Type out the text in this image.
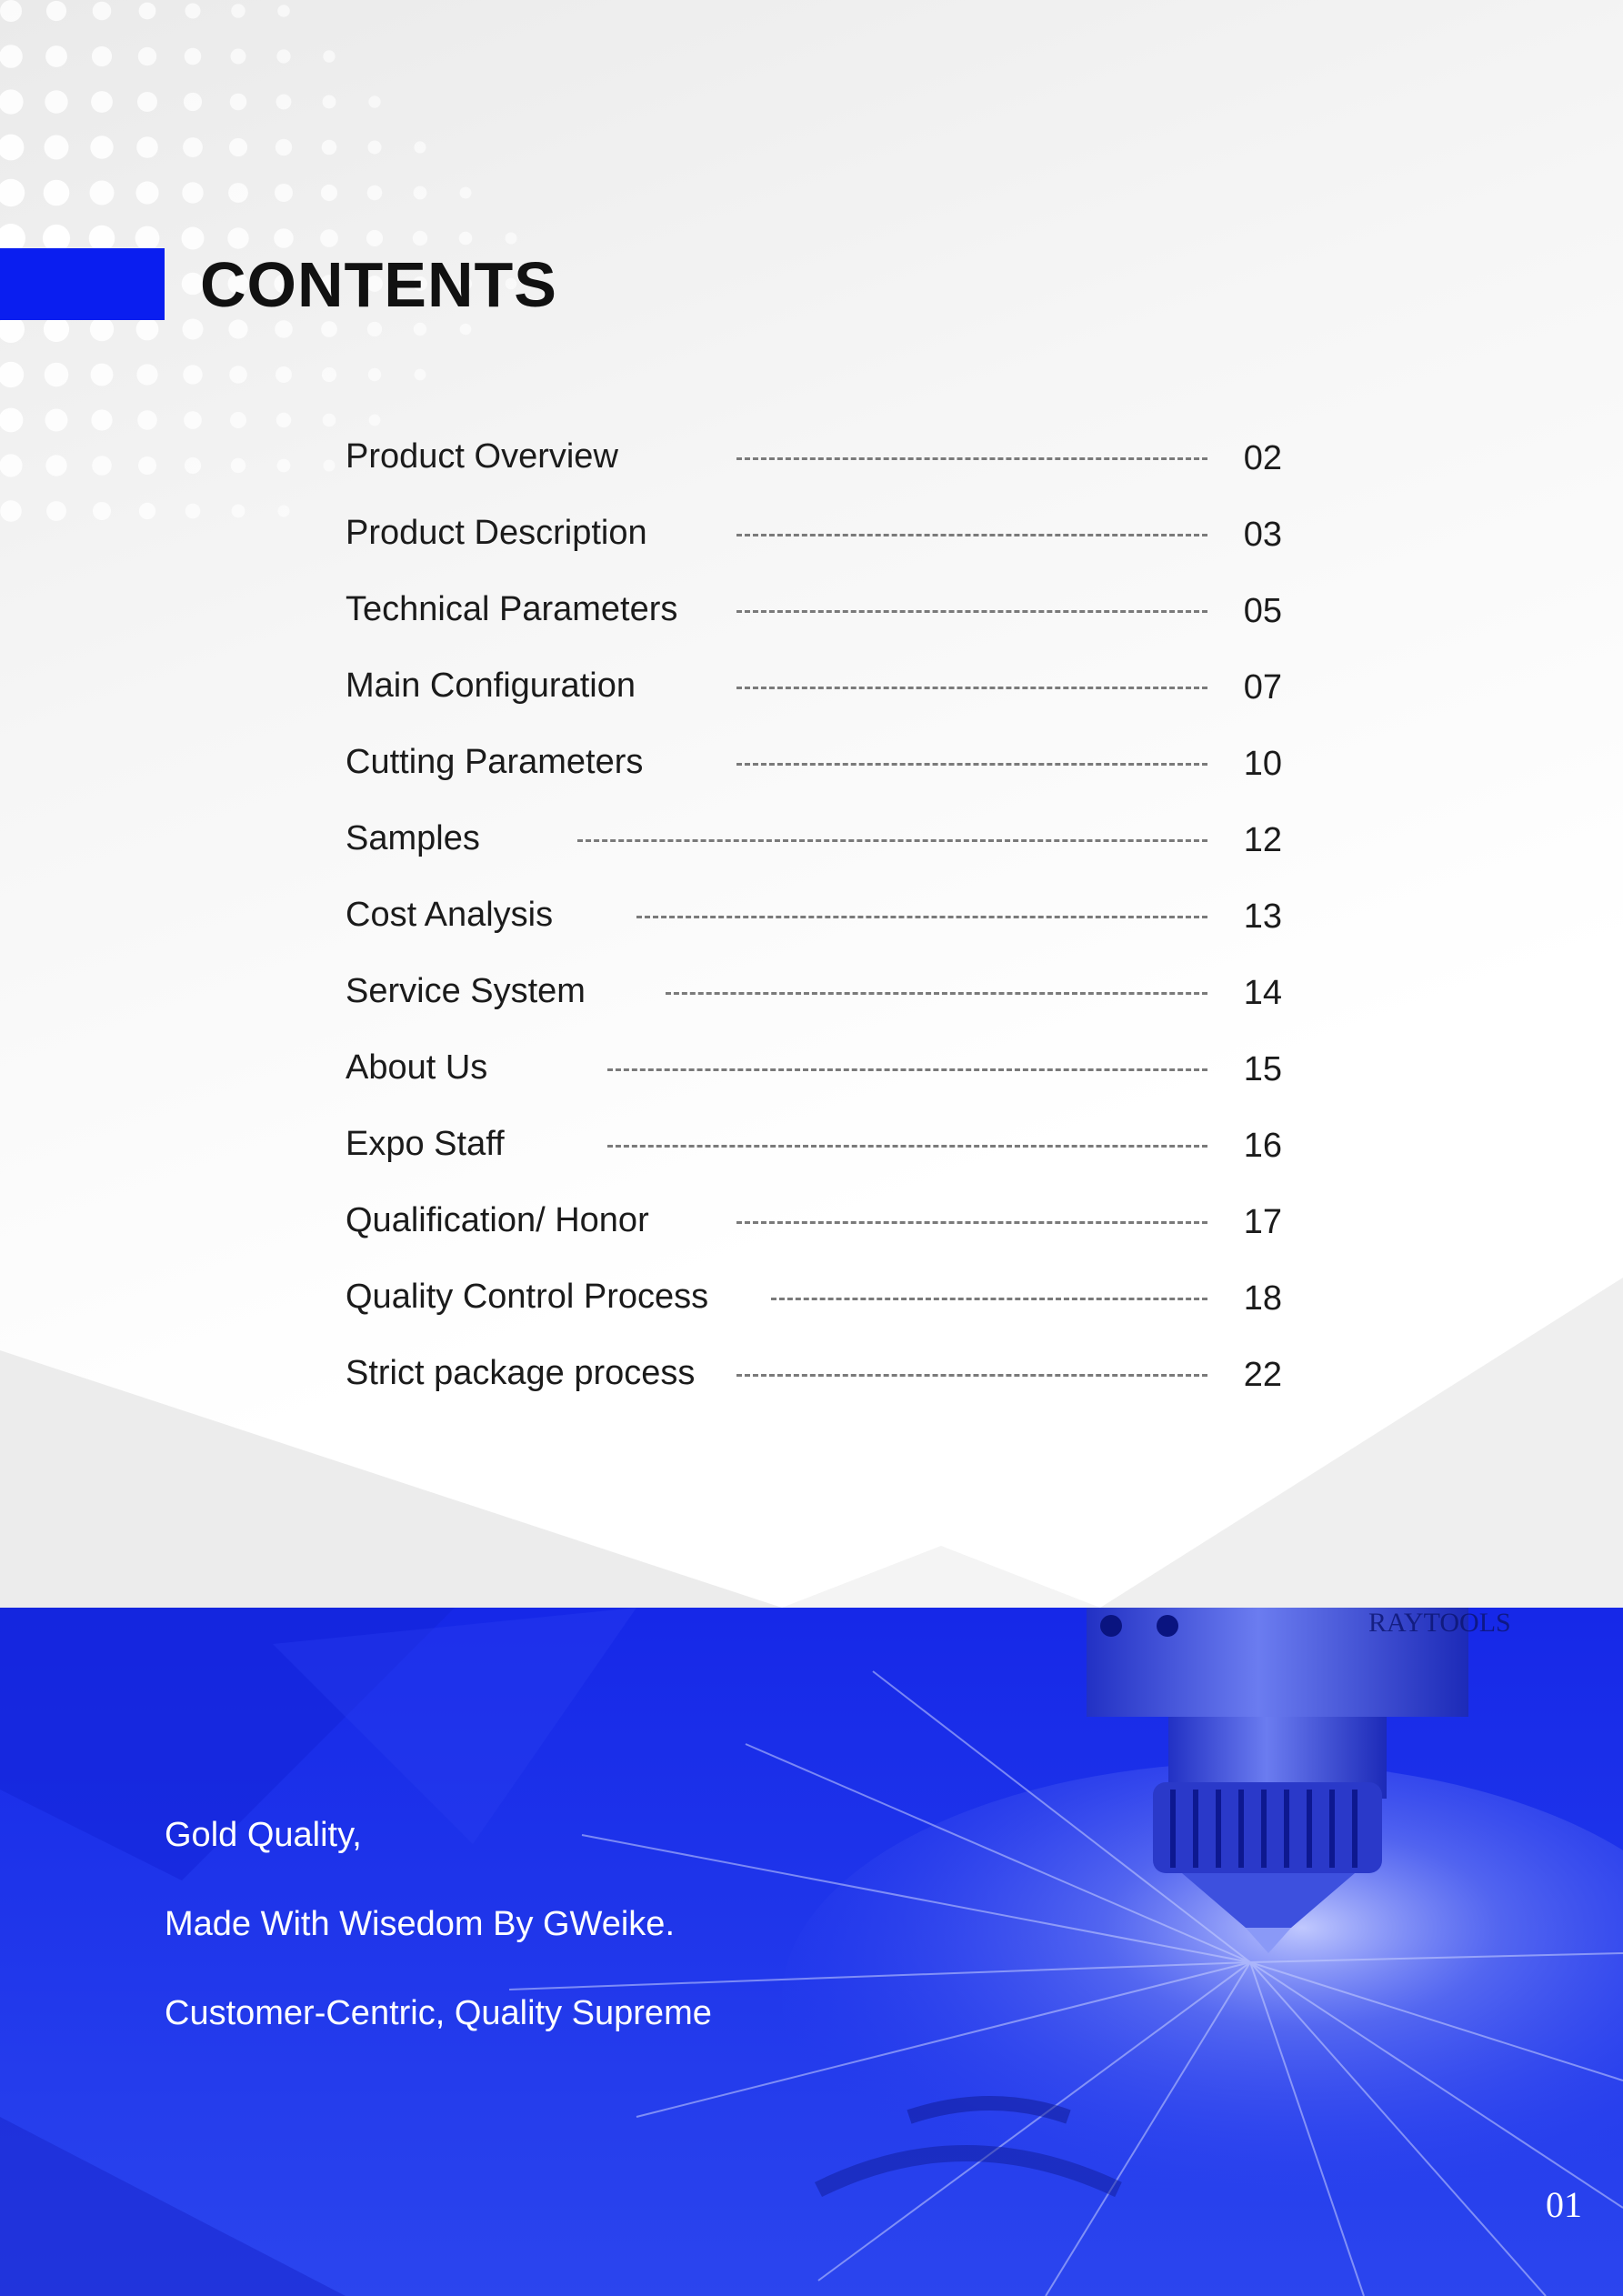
CONTENTS
Product Overview	02
Product Description	03
Technical Parameters	05
Main Configuration	07
Cutting Parameters	10
Samples	12
Cost Analysis	13
Service System	14
About Us	15
Expo Staff	16
Qualification/ Honor	17
Quality Control Process	18
Strict package process	22
RAYTOOLS
Gold Quality,
Made With Wisedom By GWeike.
Customer-Centric, Quality Supreme
01
